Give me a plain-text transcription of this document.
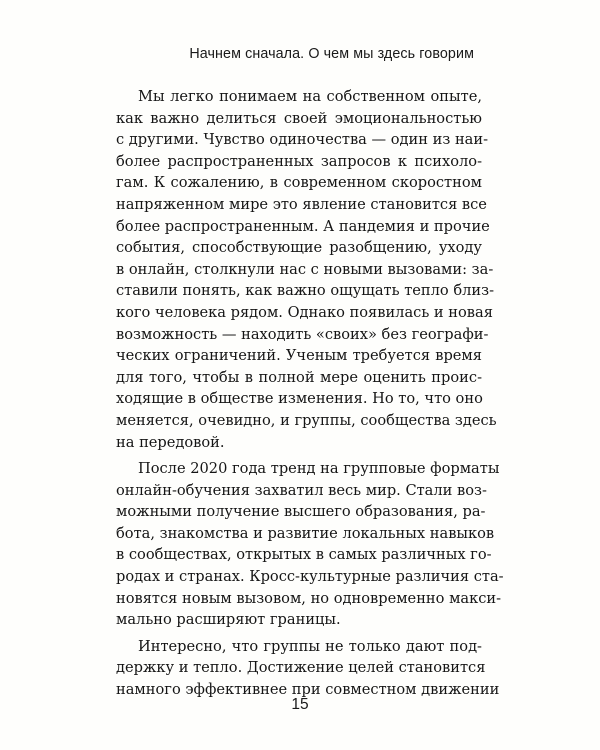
Начнем сначала. О чем мы здесь говорим

Мы легко понимаем на собственном опыте,
как важно делиться своей эмоциональностью
с другими. Чувство одиночества — один из наи-
более распространенных запросов к психоло-
гам. К сожалению, в современном скоростном
напряженном мире это явление становится все
более распространенным. А пандемия и прочие
события, способствующие разобщению, уходу
в онлайн, столкнули нас с новыми вызовами: за-
ставили понять, как важно ощущать тепло близ-
кого человека рядом. Однако появилась и новая
возможность — находить «своих» без географи-
ческих ограничений. Ученым требуется время
для того, чтобы в полной мере оценить проис-
ходящие в обществе изменения. Но то, что оно
меняется, очевидно, и группы, сообщества здесь
на передовой.

После 2020 года тренд на групповые форматы
онлайн-обучения захватил весь мир. Стали воз-
можными получение высшего образования, ра-
бота, знакомства и развитие локальных навыков
в сообществах, открытых в самых различных го-
родах и странах. Кросс-культурные различия ста-
новятся новым вызовом, но одновременно макси-
мально расширяют границы.

Интересно, что группы не только дают под-
держку и тепло. Достижение целей становится
намного эффективнее при совместном движении

15
